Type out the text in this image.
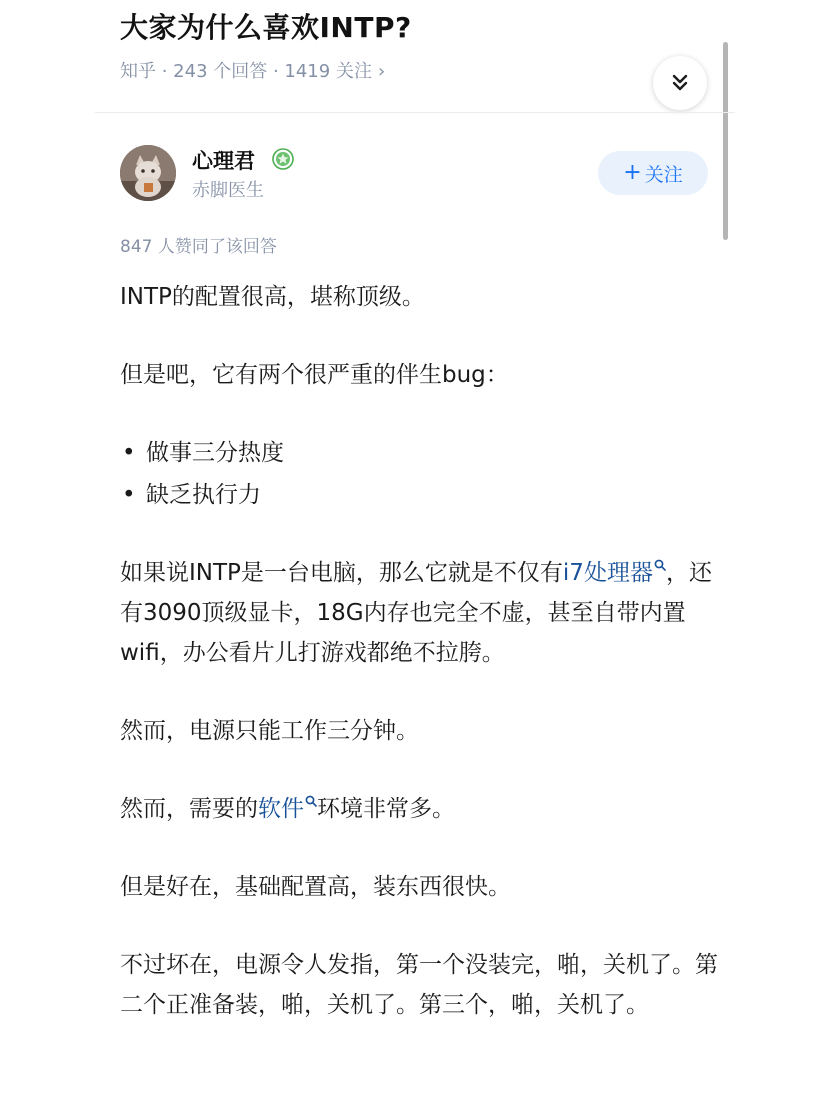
大家为什么喜欢INTP?
知乎 · 243 个回答 · 1419 关注 ›
心理君
赤脚医生
+ 关注
847 人赞同了该回答

INTP的配置很高，堪称顶级。

但是吧，它有两个很严重的伴生bug：

• 做事三分热度
• 缺乏执行力

如果说INTP是一台电脑，那么它就是不仅有i7处理器 ，还有3090顶级显卡，18G内存也完全不虚，甚至自带内置wifi，办公看片儿打游戏都绝不拉胯。

然而，电源只能工作三分钟。

然而，需要的软件 环境非常多。

但是好在，基础配置高，装东西很快。

不过坏在，电源令人发指，第一个没装完，啪，关机了。第二个正准备装，啪，关机了。第三个，啪，关机了。
